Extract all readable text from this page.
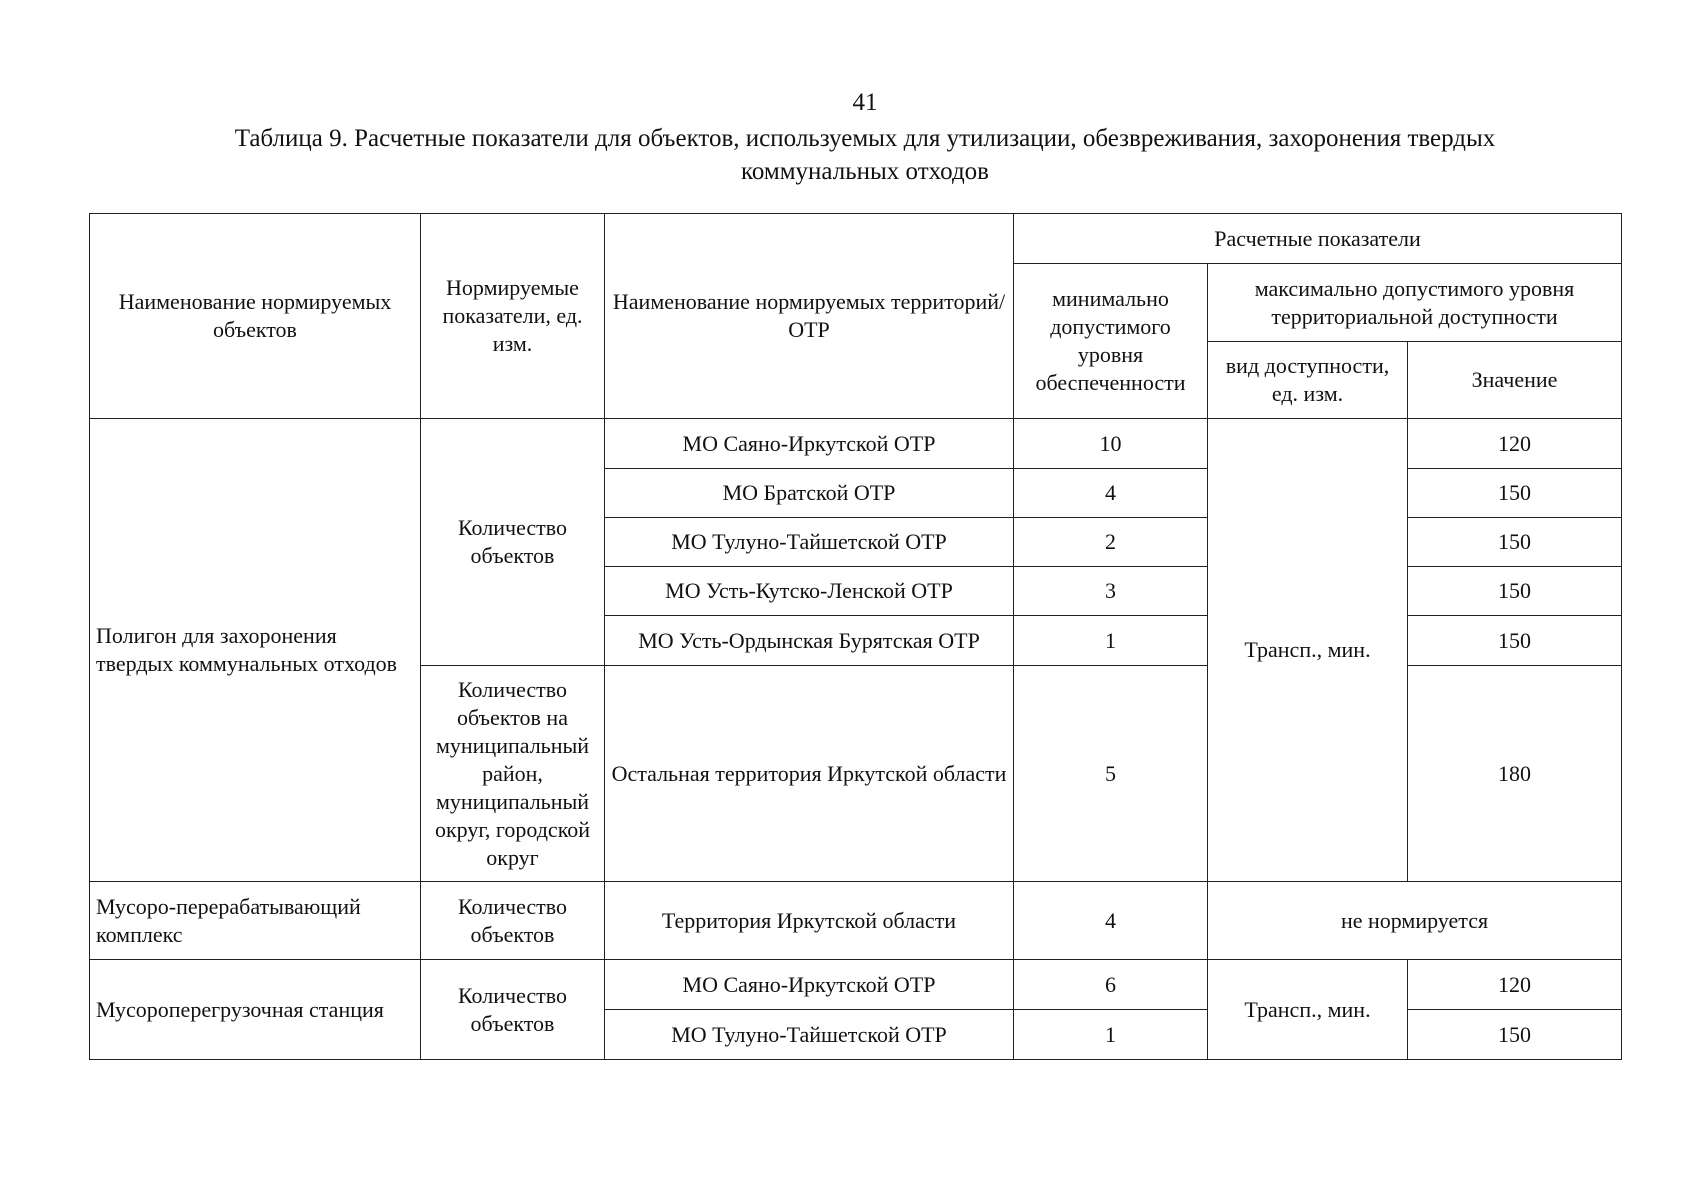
41
Таблица 9. Расчетные показатели для объектов, используемых для утилизации, обезвреживания, захоронения твердых
коммунальных отходов
Наименование нормируемых объектов	Нормируемые показатели, ед. изм.	Наименование нормируемых территорий/ОТР	Расчетные показатели		
			минимально допустимого уровня обеспеченности	максимально допустимого уровня территориальной доступности	
				вид доступности, ед. изм.	Значение
Полигон для захоронения твердых коммунальных отходов	Количество объектов	МО Саяно-Иркутской ОТР	10	Трансп., мин.	120
		МО Братской ОТР	4		150
		МО Тулуно-Тайшетской ОТР	2		150
		МО Усть-Кутско-Ленской ОТР	3		150
		МО Усть-Ордынская Бурятская ОТР	1		150
	Количество объектов на муниципальный район, муниципальный округ, городской округ	Остальная территория Иркутской области	5		180
Мусоро-перерабатывающий комплекс	Количество объектов	Территория Иркутской области	4	не нормируется	
Мусороперегрузочная станция	Количество объектов	МО Саяно-Иркутской ОТР	6	Трансп., мин.	120
		МО Тулуно-Тайшетской ОТР	1		150
